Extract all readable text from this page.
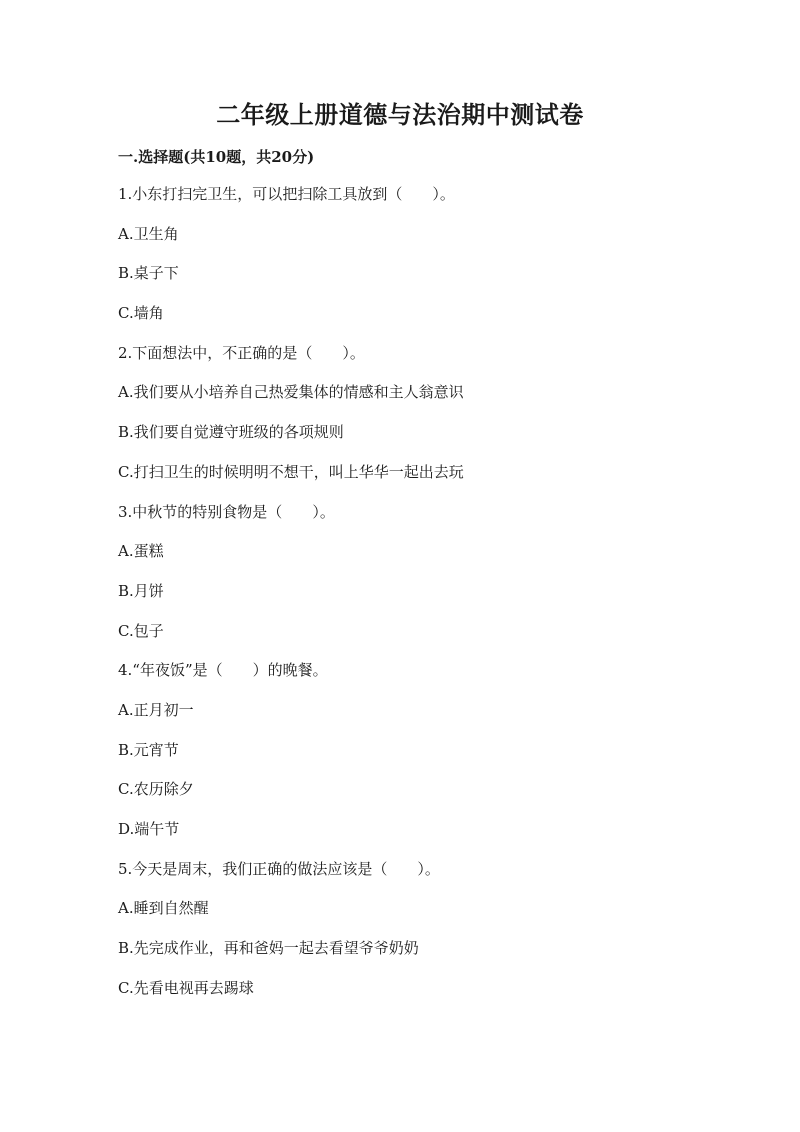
二年级上册道德与法治期中测试卷
一.选择题(共10题，共20分)
1.小东打扫完卫生，可以把扫除工具放到（　　）。
A.卫生角
B.桌子下
C.墙角
2.下面想法中，不正确的是（　　）。
A.我们要从小培养自己热爱集体的情感和主人翁意识
B.我们要自觉遵守班级的各项规则
C.打扫卫生的时候明明不想干，叫上华华一起出去玩
3.中秋节的特别食物是（　　）。
A.蛋糕
B.月饼
C.包子
4.“年夜饭”是（　　）的晚餐。
A.正月初一
B.元宵节
C.农历除夕
D.端午节
5.今天是周末，我们正确的做法应该是（　　）。
A.睡到自然醒
B.先完成作业，再和爸妈一起去看望爷爷奶奶
C.先看电视再去踢球
